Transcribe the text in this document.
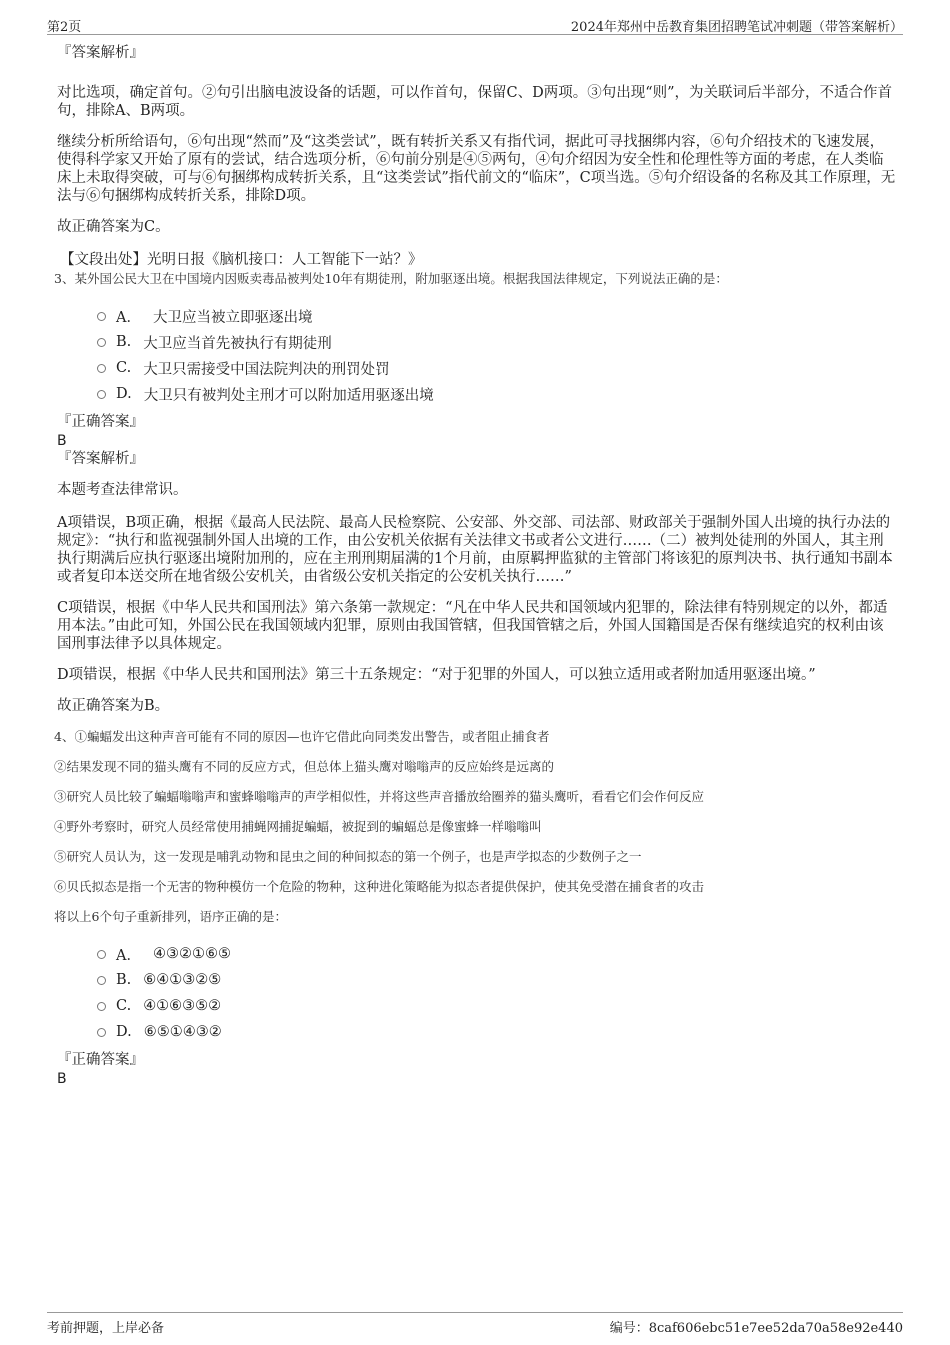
第2页	2024年郑州中岳教育集团招聘笔试冲刺题（带答案解析）

『答案解析』

对比选项，确定首句。②句引出脑电波设备的话题，可以作首句，保留C、D两项。③句出现“则”，为关联词后半部分，不适合作首句，排除A、B两项。

继续分析所给语句，⑥句出现“然而”及“这类尝试”，既有转折关系又有指代词，据此可寻找捆绑内容，⑥句介绍技术的飞速发展，使得科学家又开始了原有的尝试，结合选项分析，⑥句前分别是④⑤两句，④句介绍因为安全性和伦理性等方面的考虑，在人类临床上未取得突破，可与⑥句捆绑构成转折关系，且“这类尝试”指代前文的“临床”，C项当选。⑤句介绍设备的名称及其工作原理，无法与⑥句捆绑构成转折关系，排除D项。

故正确答案为C。

【文段出处】光明日报《脑机接口：人工智能下一站？》

3、某外国公民大卫在中国境内因贩卖毒品被判处10年有期徒刑，附加驱逐出境。根据我国法律规定，下列说法正确的是：

A． 大卫应当被立即驱逐出境
B. 大卫应当首先被执行有期徒刑
C. 大卫只需接受中国法院判决的刑罚处罚
D. 大卫只有被判处主刑才可以附加适用驱逐出境

『正确答案』

B

『答案解析』

本题考查法律常识。

A项错误，B项正确，根据《最高人民法院、最高人民检察院、公安部、外交部、司法部、财政部关于强制外国人出境的执行办法的规定》：“执行和监视强制外国人出境的工作，由公安机关依据有关法律文书或者公文进行……（二）被判处徒刑的外国人，其主刑执行期满后应执行驱逐出境附加刑的，应在主刑刑期届满的1个月前，由原羁押监狱的主管部门将该犯的原判决书、执行通知书副本或者复印本送交所在地省级公安机关，由省级公安机关指定的公安机关执行……”

C项错误，根据《中华人民共和国刑法》第六条第一款规定：“凡在中华人民共和国领域内犯罪的，除法律有特别规定的以外，都适用本法。”由此可知，外国公民在我国领域内犯罪，原则由我国管辖，但我国管辖之后，外国人国籍国是否保有继续追究的权利由该国刑事法律予以具体规定。

D项错误，根据《中华人民共和国刑法》第三十五条规定：“对于犯罪的外国人，可以独立适用或者附加适用驱逐出境。”

故正确答案为B。

4、①蝙蝠发出这种声音可能有不同的原因—也许它借此向同类发出警告，或者阻止捕食者

②结果发现不同的猫头鹰有不同的反应方式，但总体上猫头鹰对嗡嗡声的反应始终是远离的

③研究人员比较了蝙蝠嗡嗡声和蜜蜂嗡嗡声的声学相似性，并将这些声音播放给圈养的猫头鹰听，看看它们会作何反应

④野外考察时，研究人员经常使用捕蝇网捕捉蝙蝠，被捉到的蝙蝠总是像蜜蜂一样嗡嗡叫

⑤研究人员认为，这一发现是哺乳动物和昆虫之间的种间拟态的第一个例子，也是声学拟态的少数例子之一

⑥贝氏拟态是指一个无害的物种模仿一个危险的物种，这种进化策略能为拟态者提供保护，使其免受潜在捕食者的攻击

将以上6个句子重新排列，语序正确的是：

A． ④③②①⑥⑤
B. ⑥④①③②⑤
C. ④①⑥③⑤②
D. ⑥⑤①④③②

『正确答案』

B

考前押题，上岸必备	编号：8caf606ebc51e7ee52da70a58e92e440
